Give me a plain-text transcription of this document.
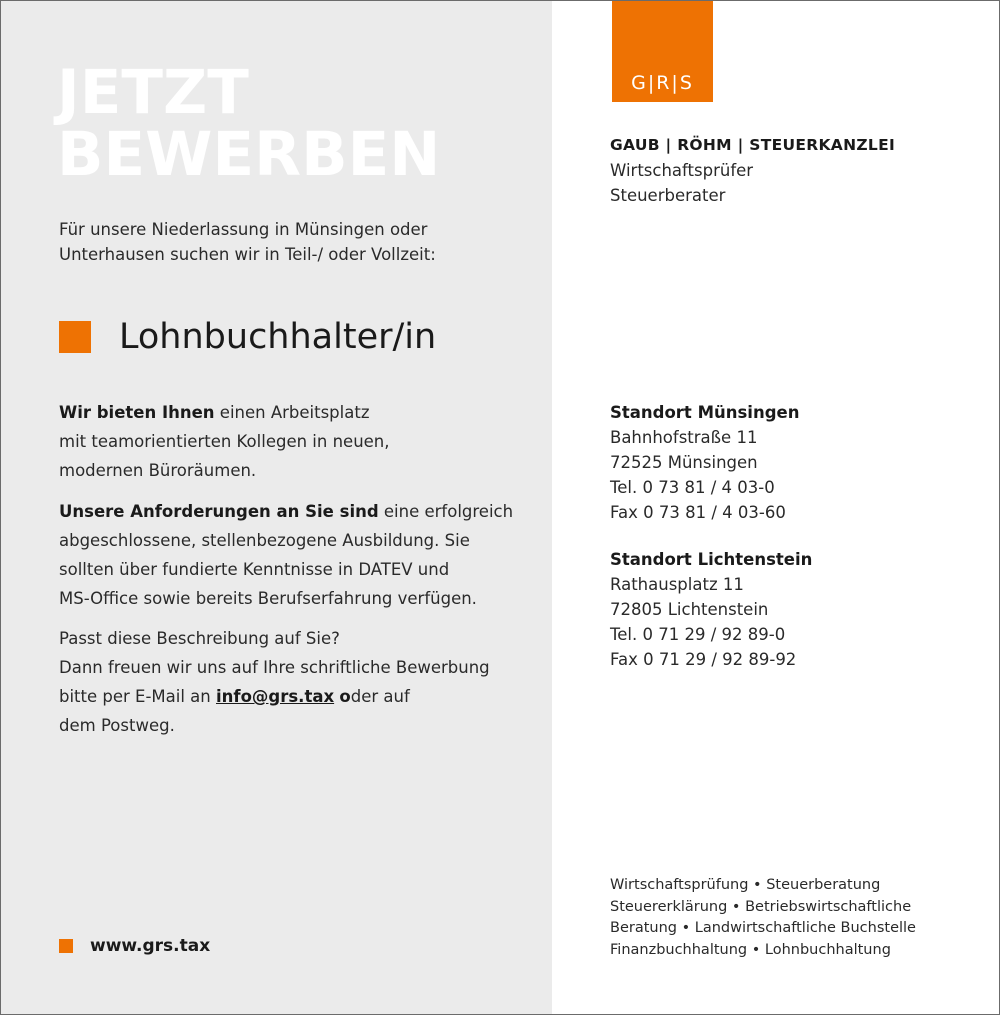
JETZT
BEWERBEN
Für unsere Niederlassung in Münsingen oder
Unterhausen suchen wir in Teil-/ oder Vollzeit:
Lohnbuchhalter/in

Wir bieten Ihnen einen Arbeitsplatz
mit teamorientierten Kollegen in neuen,
modernen Büroräumen.

Unsere Anforderungen an Sie sind eine erfolgreich
abgeschlossene, stellenbezogene Ausbildung. Sie
sollten über fundierte Kenntnisse in DATEV und
MS-Office sowie bereits Berufserfahrung verfügen.

Passt diese Beschreibung auf Sie?
Dann freuen wir uns auf Ihre schriftliche Bewerbung
bitte per E-Mail an info@grs.tax oder auf
dem Postweg.

www.grs.tax
G|R|S
GAUB | RÖHM | STEUERKANZLEI
Wirtschaftsprüfer
Steuerberater
Standort Münsingen
Bahnhofstraße 11
72525 Münsingen
Tel. 0 73 81 / 4 03-0
Fax 0 73 81 / 4 03-60
Standort Lichtenstein
Rathausplatz 11
72805 Lichtenstein
Tel. 0 71 29 / 92 89-0
Fax 0 71 29 / 92 89-92
Wirtschaftsprüfung • Steuerberatung
Steuererklärung • Betriebswirtschaftliche
Beratung • Landwirtschaftliche Buchstelle
Finanzbuchhaltung • Lohnbuchhaltung
